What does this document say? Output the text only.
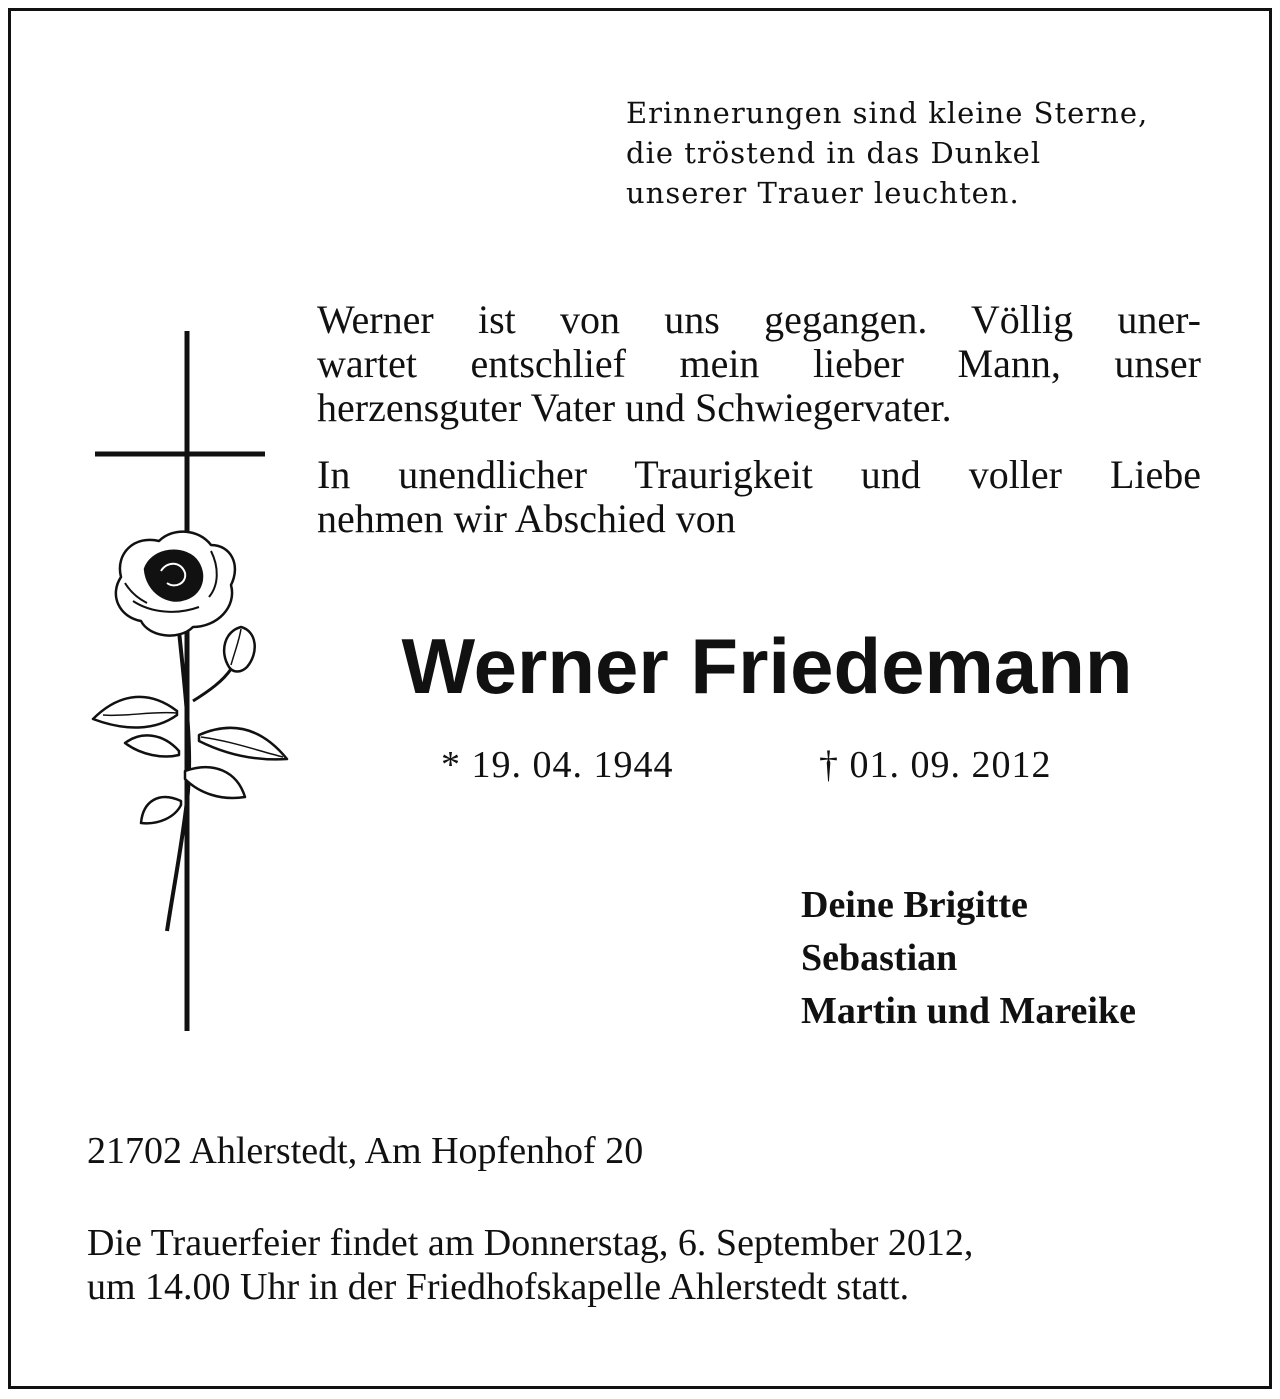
Erinnerungen sind kleine Sterne,
die tröstend in das Dunkel
unserer Trauer leuchten.
Werner ist von uns gegangen. Völlig uner-
wartet entschlief mein lieber Mann, unser
herzensguter Vater und Schwiegervater.
In unendlicher Traurigkeit und voller Liebe
nehmen wir Abschied von
Werner Friedemann
* 19. 04. 1944	† 01. 09. 2012
Deine Brigitte
Sebastian
Martin und Mareike
21702 Ahlerstedt, Am Hopfenhof 20
Die Trauerfeier findet am Donnerstag, 6. September 2012,
um 14.00 Uhr in der Friedhofskapelle Ahlerstedt statt.
